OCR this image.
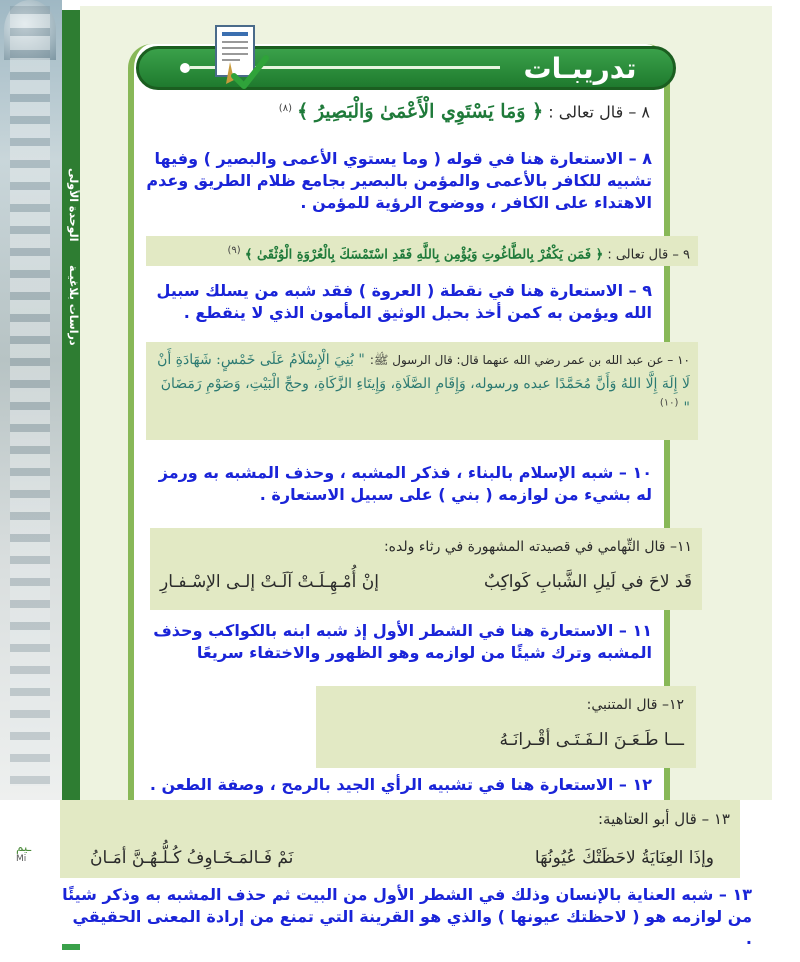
الوحدة الأولى
دراسات بلاغيـة
تدريبـات
٨ – قال تعالى : ﴿ وَمَا يَسْتَوِي الْأَعْمَىٰ وَالْبَصِيرُ ﴾ $^{(٨)}$
٨ – الاستعارة هنا في قوله ( وما يستوي الأعمى والبصير ) وفيها تشبيه للكافر بالأعمى والمؤمن بالبصير بجامع ظلام الطريق وعدم الاهتداء على الكافر ، ووضوح الرؤية للمؤمن .
٩ – قال تعالى : ﴿ فَمَن يَكْفُرْ بِالطَّاغُوتِ وَيُؤْمِن بِاللَّهِ فَقَدِ اسْتَمْسَكَ بِالْعُرْوَةِ الْوُثْقَىٰ ﴾ $^{(٩)}$
٩ – الاستعارة هنا في نقطة ( العروة ) فقد شبه من يسلك سبيل الله ويؤمن به كمن أخذ بحبل الوثيق المأمون الذي لا ينقطع .
١٠ – عن عبد الله بن عمر رضي الله عنهما قال: قال الرسول ﷺ: " بُنِيَ الْإِسْلَامُ عَلَى خَمْسٍ: شَهَادَةِ أَنْ لَا إِلَهَ إِلَّا اللهُ وَأَنَّ مُحَمَّدًا عبده ورسوله، وَإِقَامِ الصَّلَاةِ، وَإِيتَاءِ الزَّكَاةِ، وحجِّ الْبَيْتِ، وَصَوْمِ رَمَضَانَ " $^{(١٠)}$
١٠ – شبه الإسلام بالبناء ، فذكر المشبه ، وحذف المشبه به ورمز له بشيء من لوازمه ( بني ) على سبيل الاستعارة .
١١– قال التِّهامي في قصيدته المشهورة في رثاء ولده:
قَد لاحَ في لَيلِ الشَّبابِ كَواكِبٌ
إنْ أُمْـهِـلَـتْ آلَـتْ إلـى الإسْـفـارِ
١١ – الاستعارة هنا في الشطر الأول إذ شبه ابنه بالكواكب وحذف المشبه وترك شيئًا من لوازمه وهو الظهور والاختفاء سريعًا
١٢– قال المتنبي:
ـــا طَـعَـنَ الـفَـتَـى أقْـرانَـهُ
١٢ – الاستعارة هنا في تشبيه الرأي الجيد بالرمح ، وصفة الطعن .
١٣ – قال أبو العتاهية:
وإذَا العِنَايَةُ لاحَظَتْكَ عُيُونُهَا
نَمْ فَـالمَـخَـاوِفُ كُـلُّـهُـنَّ أمَـانُ
ـيم
Mi
١٣ – شبه العناية بالإنسان وذلك في الشطر الأول من البيت ثم حذف المشبه به وذكر شيئًا من لوازمه هو ( لاحظتك عيونها ) والذي هو القرينة التي تمنع من إرادة المعنى الحقيقي .
